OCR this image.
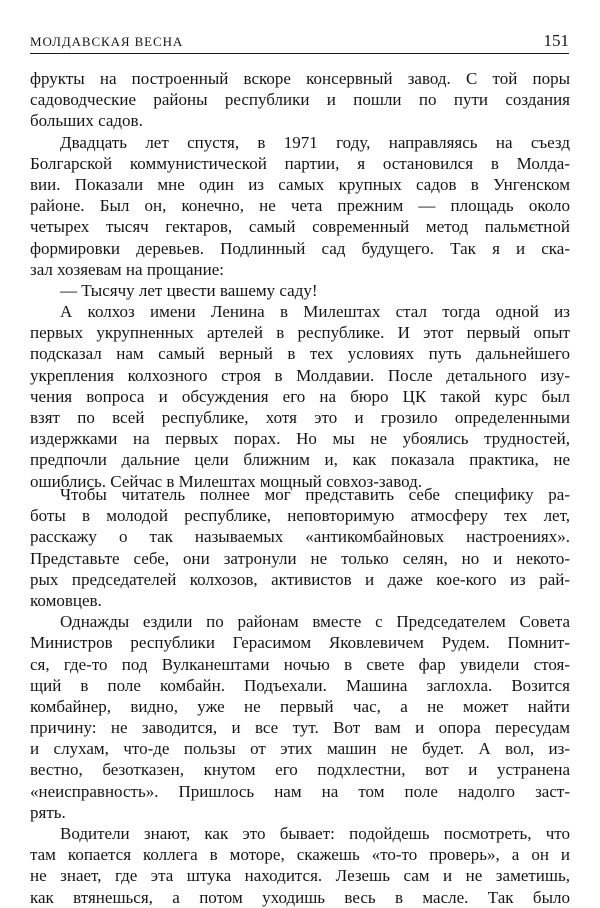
МОЛДАВСКАЯ ВЕСНА	151
фрукты на построенный вскоре консервный завод. С той поры
садоводческие районы республики и пошли по пути создания
больших садов.
Двадцать лет спустя, в 1971 году, направляясь на съезд
Болгарской коммунистической партии, я остановился в Молда-
вии. Показали мне один из самых крупных садов в Унгенском
районе. Был он, конечно, не чета прежним — площадь около
четырех тысяч гектаров, самый современный метод пальмєтной
формировки деревьев. Подлинный сад будущего. Так я и ска-
зал хозяевам на прощание:
— Тысячу лет цвести вашему саду!
А колхоз имени Ленина в Милештах стал тогда одной из
первых укрупненных артелей в республике. И этот первый опыт
подсказал нам самый верный в тех условиях путь дальнейшего
укрепления колхозного строя в Молдавии. После детального изу-
чения вопроса и обсуждения его на бюро ЦК такой курс был
взят по всей республике, хотя это и грозило определенными
издержками на первых порах. Но мы не убоялись трудностей,
предпочли дальние цели ближним и, как показала практика, не
ошиблись. Сейчас в Милештах мощный совхоз-завод.
Чтобы читатель полнее мог представить себе специфику ра-
боты в молодой республике, неповторимую атмосферу тех лет,
расскажу о так называемых «антикомбайновых настроениях».
Представьте себе, они затронули не только селян, но и некото-
рых председателей колхозов, активистов и даже кое-кого из рай-
комовцев.
Однажды ездили по районам вместе с Председателем Совета
Министров республики Герасимом Яковлевичем Рудем. Помнит-
ся, где-то под Вулканештами ночью в свете фар увидели стоя-
щий в поле комбайн. Подъехали. Машина заглохла. Возится
комбайнер, видно, уже не первый час, а не может найти
причину: не заводится, и все тут. Вот вам и опора пересудам
и слухам, что-де пользы от этих машин не будет. А вол, из-
вестно, безотказен, кнутом его подхлестни, вот и устранена
«неисправность». Пришлось нам на том поле надолго заст-
рять.
Водители знают, как это бывает: подойдешь посмотреть, что
там копается коллега в моторе, скажешь «то-то проверь», а он и
не знает, где эта штука находится. Лезешь сам и не заметишь,
как втянешься, а потом уходишь весь в масле. Так было
